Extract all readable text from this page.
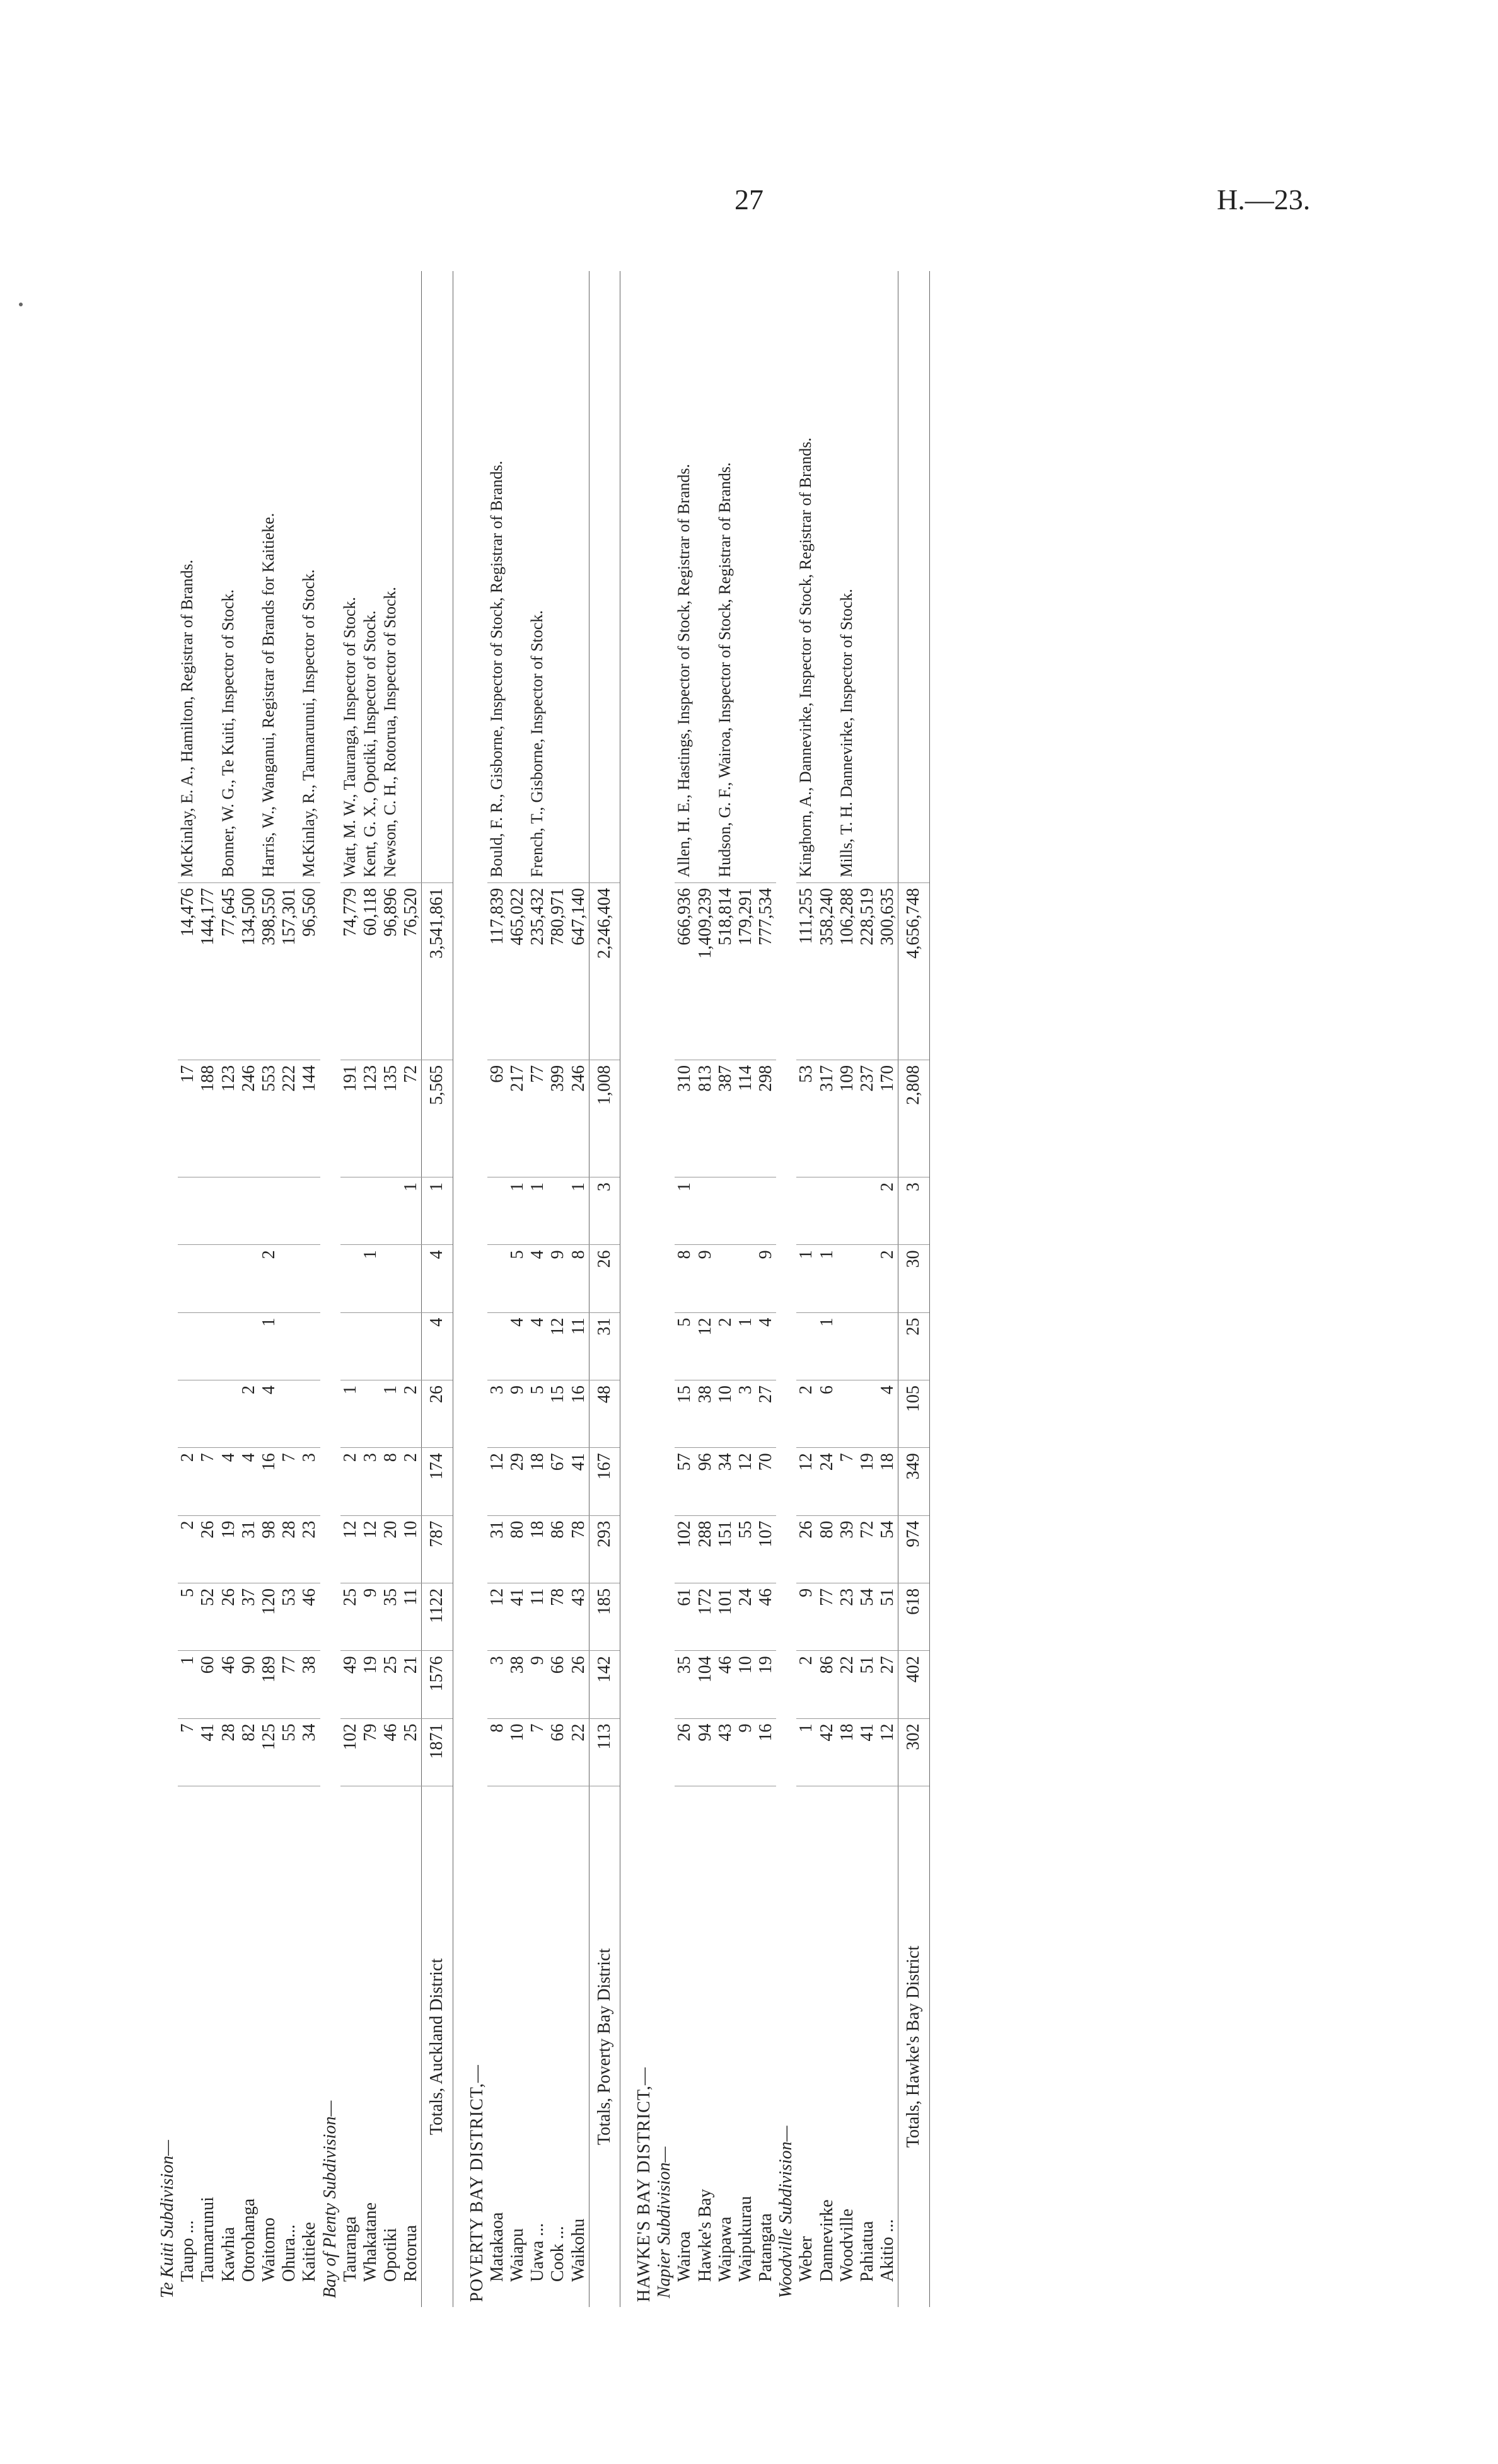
27	H.—23.
Te Kuiti Subdivision—												
Taupo ...	7	1	5	2	2					17	14,476	McKinlay, E. A., Hamilton, Registrar of Brands.
Taumarunui	41	60	52	26	7					188	144,177	
Kawhia	28	46	26	19	4					123	77,645	Bonner, W. G., Te Kuiti, Inspector of Stock.
Otorohanga	82	90	37	31	4	2				246	134,500	
Waitomo	125	189	120	98	16	4	1	2		553	398,550	Harris, W., Wanganui, Registrar of Brands for Kaitieke.
Ohura...	55	77	53	28	7					222	157,301	
Kaitieke	34	38	46	23	3					144	96,560	McKinlay, R., Taumarunui, Inspector of Stock.
Bay of Plenty Subdivision—												
Tauranga	102	49	25	12	2	1				191	74,779	Watt, M. W., Tauranga, Inspector of Stock.
Whakatane	79	19	9	12	3			1		123	60,118	Kent, G. X., Opotiki, Inspector of Stock.
Opotiki	46	25	35	20	8	1				135	96,896	Newson, C. H., Rotorua, Inspector of Stock.
Rotorua	25	21	11	10	2	2			1	72	76,520	
Totals, Auckland District	1871	1576	1122	787	174	26	4	4	1	5,565	3,541,861	
POVERTY BAY DISTRICT,—												
Matakaoa	8	3	12	31	12	3				69	117,839	Bould, F. R., Gisborne, Inspector of Stock, Registrar of Brands.
Waiapu	10	38	41	80	29	9	4	5	1	217	465,022	
Uawa ...	7	9	11	18	18	5	4	4	1	77	235,432	French, T., Gisborne, Inspector of Stock.
Cook ...	66	66	78	86	67	15	12	9		399	780,971	
Waikohu	22	26	43	78	41	16	11	8	1	246	647,140	
Totals, Poverty Bay District	113	142	185	293	167	48	31	26	3	1,008	2,246,404	
HAWKE'S BAY DISTRICT,—												
Napier Subdivision—												
Wairoa	26	35	61	102	57	15	5	8	1	310	666,936	Allen, H. E., Hastings, Inspector of Stock, Registrar of Brands.
Hawke's Bay	94	104	172	288	96	38	12	9		813	1,409,239	
Waipawa	43	46	101	151	34	10	2			387	518,814	Hudson, G. F., Wairoa, Inspector of Stock, Registrar of Brands.
Waipukurau	9	10	24	55	12	3	1			114	179,291	
Patangata	16	19	46	107	70	27	4	9		298	777,534	
Woodville Subdivision—												
Weber	1	2	9	26	12	2		1		53	111,255	Kinghorn, A., Dannevirke, Inspector of Stock, Registrar of Brands.
Dannevirke	42	86	77	80	24	6	1	1		317	358,240	
Woodville	18	22	23	39	7					109	106,288	Mills, T. H. Dannevirke, Inspector of Stock.
Pahiatua	41	51	54	72	19					237	228,519	
Akitio ...	12	27	51	54	18	4		2	2	170	300,635	
Totals, Hawke's Bay District	302	402	618	974	349	105	25	30	3	2,808	4,656,748	
